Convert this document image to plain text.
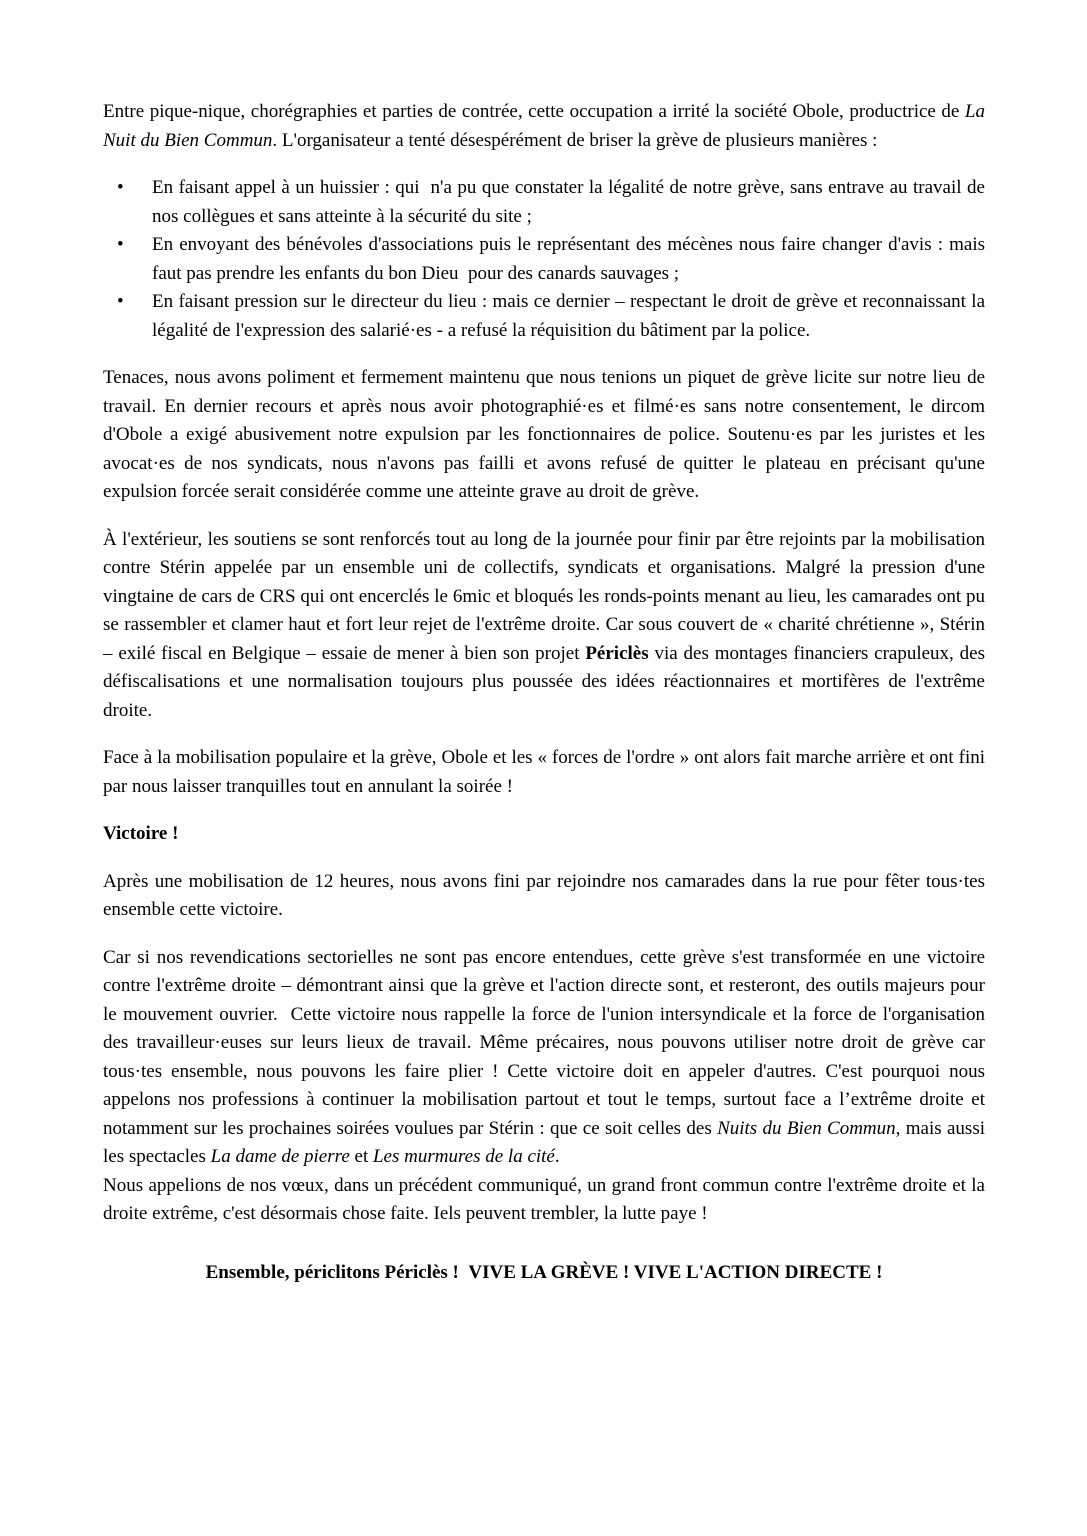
Entre pique-nique, chorégraphies et parties de contrée, cette occupation a irrité la société Obole, productrice de La Nuit du Bien Commun. L'organisateur a tenté désespérément de briser la grève de plusieurs manières :

• En faisant appel à un huissier : qui  n'a pu que constater la légalité de notre grève, sans entrave au travail de nos collègues et sans atteinte à la sécurité du site ;
• En envoyant des bénévoles d'associations puis le représentant des mécènes nous faire changer d'avis : mais faut pas prendre les enfants du bon Dieu  pour des canards sauvages ;
• En faisant pression sur le directeur du lieu : mais ce dernier – respectant le droit de grève et reconnaissant la légalité de l'expression des salarié·es - a refusé la réquisition du bâtiment par la police.

Tenaces, nous avons poliment et fermement maintenu que nous tenions un piquet de grève licite sur notre lieu de travail. En dernier recours et après nous avoir photographié·es et filmé·es sans notre consentement, le dircom d'Obole a exigé abusivement notre expulsion par les fonctionnaires de police. Soutenu·es par les juristes et les avocat·es de nos syndicats, nous n'avons pas failli et avons refusé de quitter le plateau en précisant qu'une expulsion forcée serait considérée comme une atteinte grave au droit de grève.

À l'extérieur, les soutiens se sont renforcés tout au long de la journée pour finir par être rejoints par la mobilisation contre Stérin appelée par un ensemble uni de collectifs, syndicats et organisations. Malgré la pression d'une vingtaine de cars de CRS qui ont encerclés le 6mic et bloqués les ronds-points menant au lieu, les camarades ont pu se rassembler et clamer haut et fort leur rejet de l'extrême droite. Car sous couvert de « charité chrétienne », Stérin – exilé fiscal en Belgique – essaie de mener à bien son projet Périclès via des montages financiers crapuleux, des défiscalisations et une normalisation toujours plus poussée des idées réactionnaires et mortifères de l'extrême droite.

Face à la mobilisation populaire et la grève, Obole et les « forces de l'ordre » ont alors fait marche arrière et ont fini par nous laisser tranquilles tout en annulant la soirée !

Victoire !

Après une mobilisation de 12 heures, nous avons fini par rejoindre nos camarades dans la rue pour fêter tous·tes ensemble cette victoire.

Car si nos revendications sectorielles ne sont pas encore entendues, cette grève s'est transformée en une victoire contre l'extrême droite – démontrant ainsi que la grève et l'action directe sont, et resteront, des outils majeurs pour le mouvement ouvrier.  Cette victoire nous rappelle la force de l'union intersyndicale et la force de l'organisation des travailleur·euses sur leurs lieux de travail. Même précaires, nous pouvons utiliser notre droit de grève car tous·tes ensemble, nous pouvons les faire plier ! Cette victoire doit en appeler d'autres. C'est pourquoi nous appelons nos professions à continuer la mobilisation partout et tout le temps, surtout face a l’extrême droite et notamment sur les prochaines soirées voulues par Stérin : que ce soit celles des Nuits du Bien Commun, mais aussi les spectacles La dame de pierre et Les murmures de la cité.

Nous appelions de nos vœux, dans un précédent communiqué, un grand front commun contre l'extrême droite et la droite extrême, c'est désormais chose faite. Iels peuvent trembler, la lutte paye !

Ensemble, périclitons Périclès !  VIVE LA GRÈVE ! VIVE L'ACTION DIRECTE !
